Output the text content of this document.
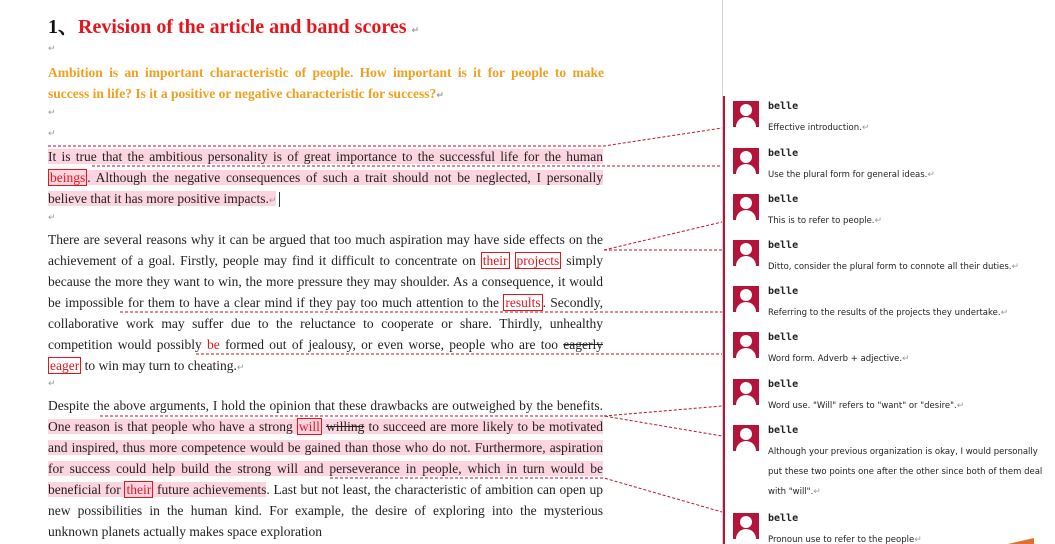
1、Revision of the article and band scores ↵
↵
Ambition is an important characteristic of people. How important is it for people to make success in life? Is it a positive or negative characteristic for success?↵
↵
↵
It is true that the ambitious personality is of great importance to the successful life for the human beings . Although the negative consequences of such a trait should not be neglected, I personally believe that it has more positive impacts.↵
↵
There are several reasons why it can be argued that too much aspiration may have side effects on the achievement of a goal. Firstly, people may find it difficult to concentrate on their projects simply because the more they want to win, the more pressure they may shoulder. As a consequence, it would be impossible for them to have a clear mind if they pay too much attention to the results . Secondly, collaborative work may suffer due to the reluctance to cooperate or share. Thirdly, unhealthy competition would possibly be formed out of jealousy, or even worse, people who are too eagerly eager to win may turn to cheating.↵
↵
Despite the above arguments, I hold the opinion that these drawbacks are outweighed by the benefits. One reason is that people who have a strong will willing to succeed are more likely to be motivated and inspired, thus more competence would be gained than those who do not. Furthermore, aspiration for success could help build the strong will and perseverance in people, which in turn would be beneficial for their future achievements. Last but not least, the characteristic of ambition can open up new possibilities in the human kind. For example, the desire of exploring into the mysterious unknown planets actually makes space exploration
belle
Effective introduction.↵
belle
Use the plural form for general ideas.↵
belle
This is to refer to people.↵
belle
Ditto, consider the plural form to connote all their duties.↵
belle
Referring to the results of the projects they undertake.↵
belle
Word form. Adverb + adjective.↵
belle
Word use. "Will" refers to "want" or "desire".↵
belle
Although your previous organization is okay, I would personally put these two points one after the other since both of them deal with "will".↵
belle
Pronoun use to refer to the people↵
